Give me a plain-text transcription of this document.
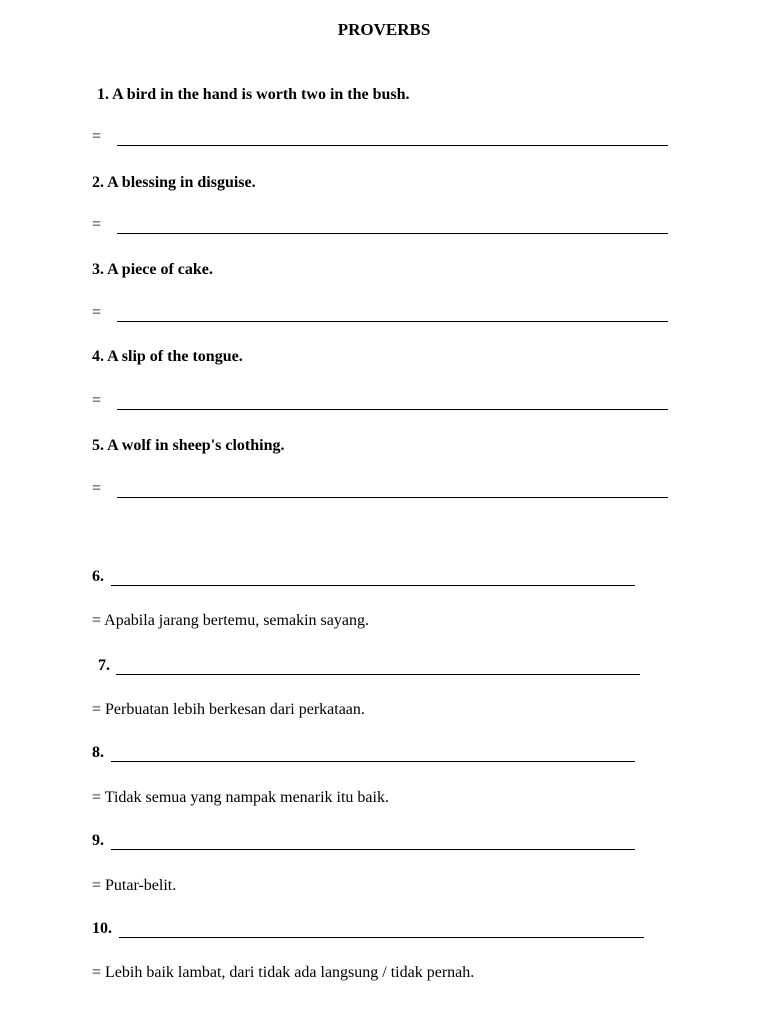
PROVERBS
1. A bird in the hand is worth two in the bush.
=
2. A blessing in disguise.
=
3. A piece of cake.
=
4. A slip of the tongue.
=
5. A wolf in sheep's clothing.
=
6.
= Apabila jarang bertemu, semakin sayang.
7.
= Perbuatan lebih berkesan dari perkataan.
8.
= Tidak semua yang nampak menarik itu baik.
9.
= Putar-belit.
10.
= Lebih baik lambat, dari tidak ada langsung / tidak pernah.
